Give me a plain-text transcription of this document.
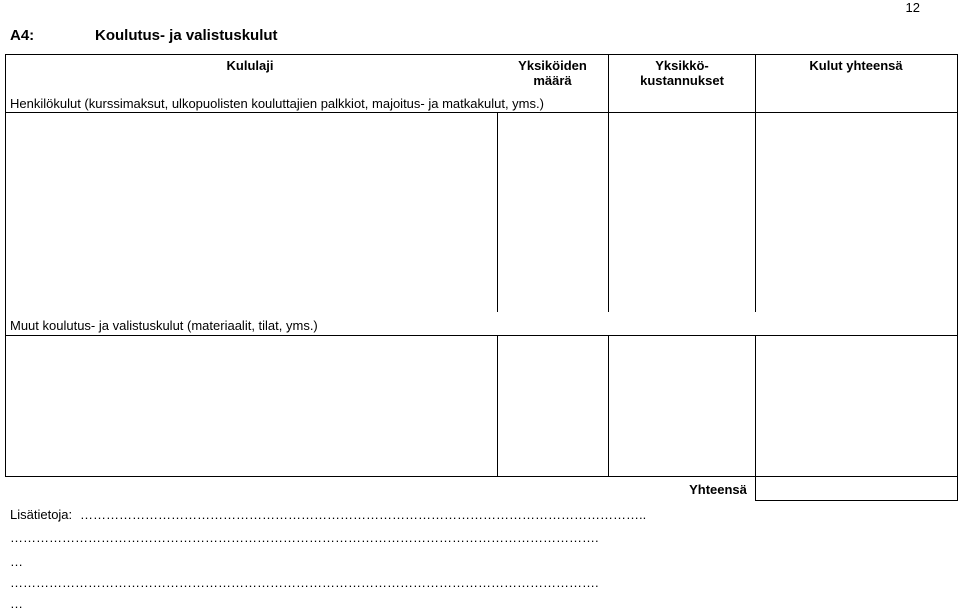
12
A4:	Koulutus- ja valistuskulut
Kululaji	Yksiköiden määrä
Yksikkö- kustannukset
Kulut yhteensä
Henkilökulut (kurssimaksut, ulkopuolisten kouluttajien palkkiot, majoitus- ja matkakulut, yms.)
Muut koulutus- ja valistuskulut (materiaalit, tilat, yms.)
Yhteensä
Lisätietoja: …………………………………………………………………………………………………………………..
……………………………………………………………………………………………………………………….
…
……………………………………………………………………………………………………………………….
…
